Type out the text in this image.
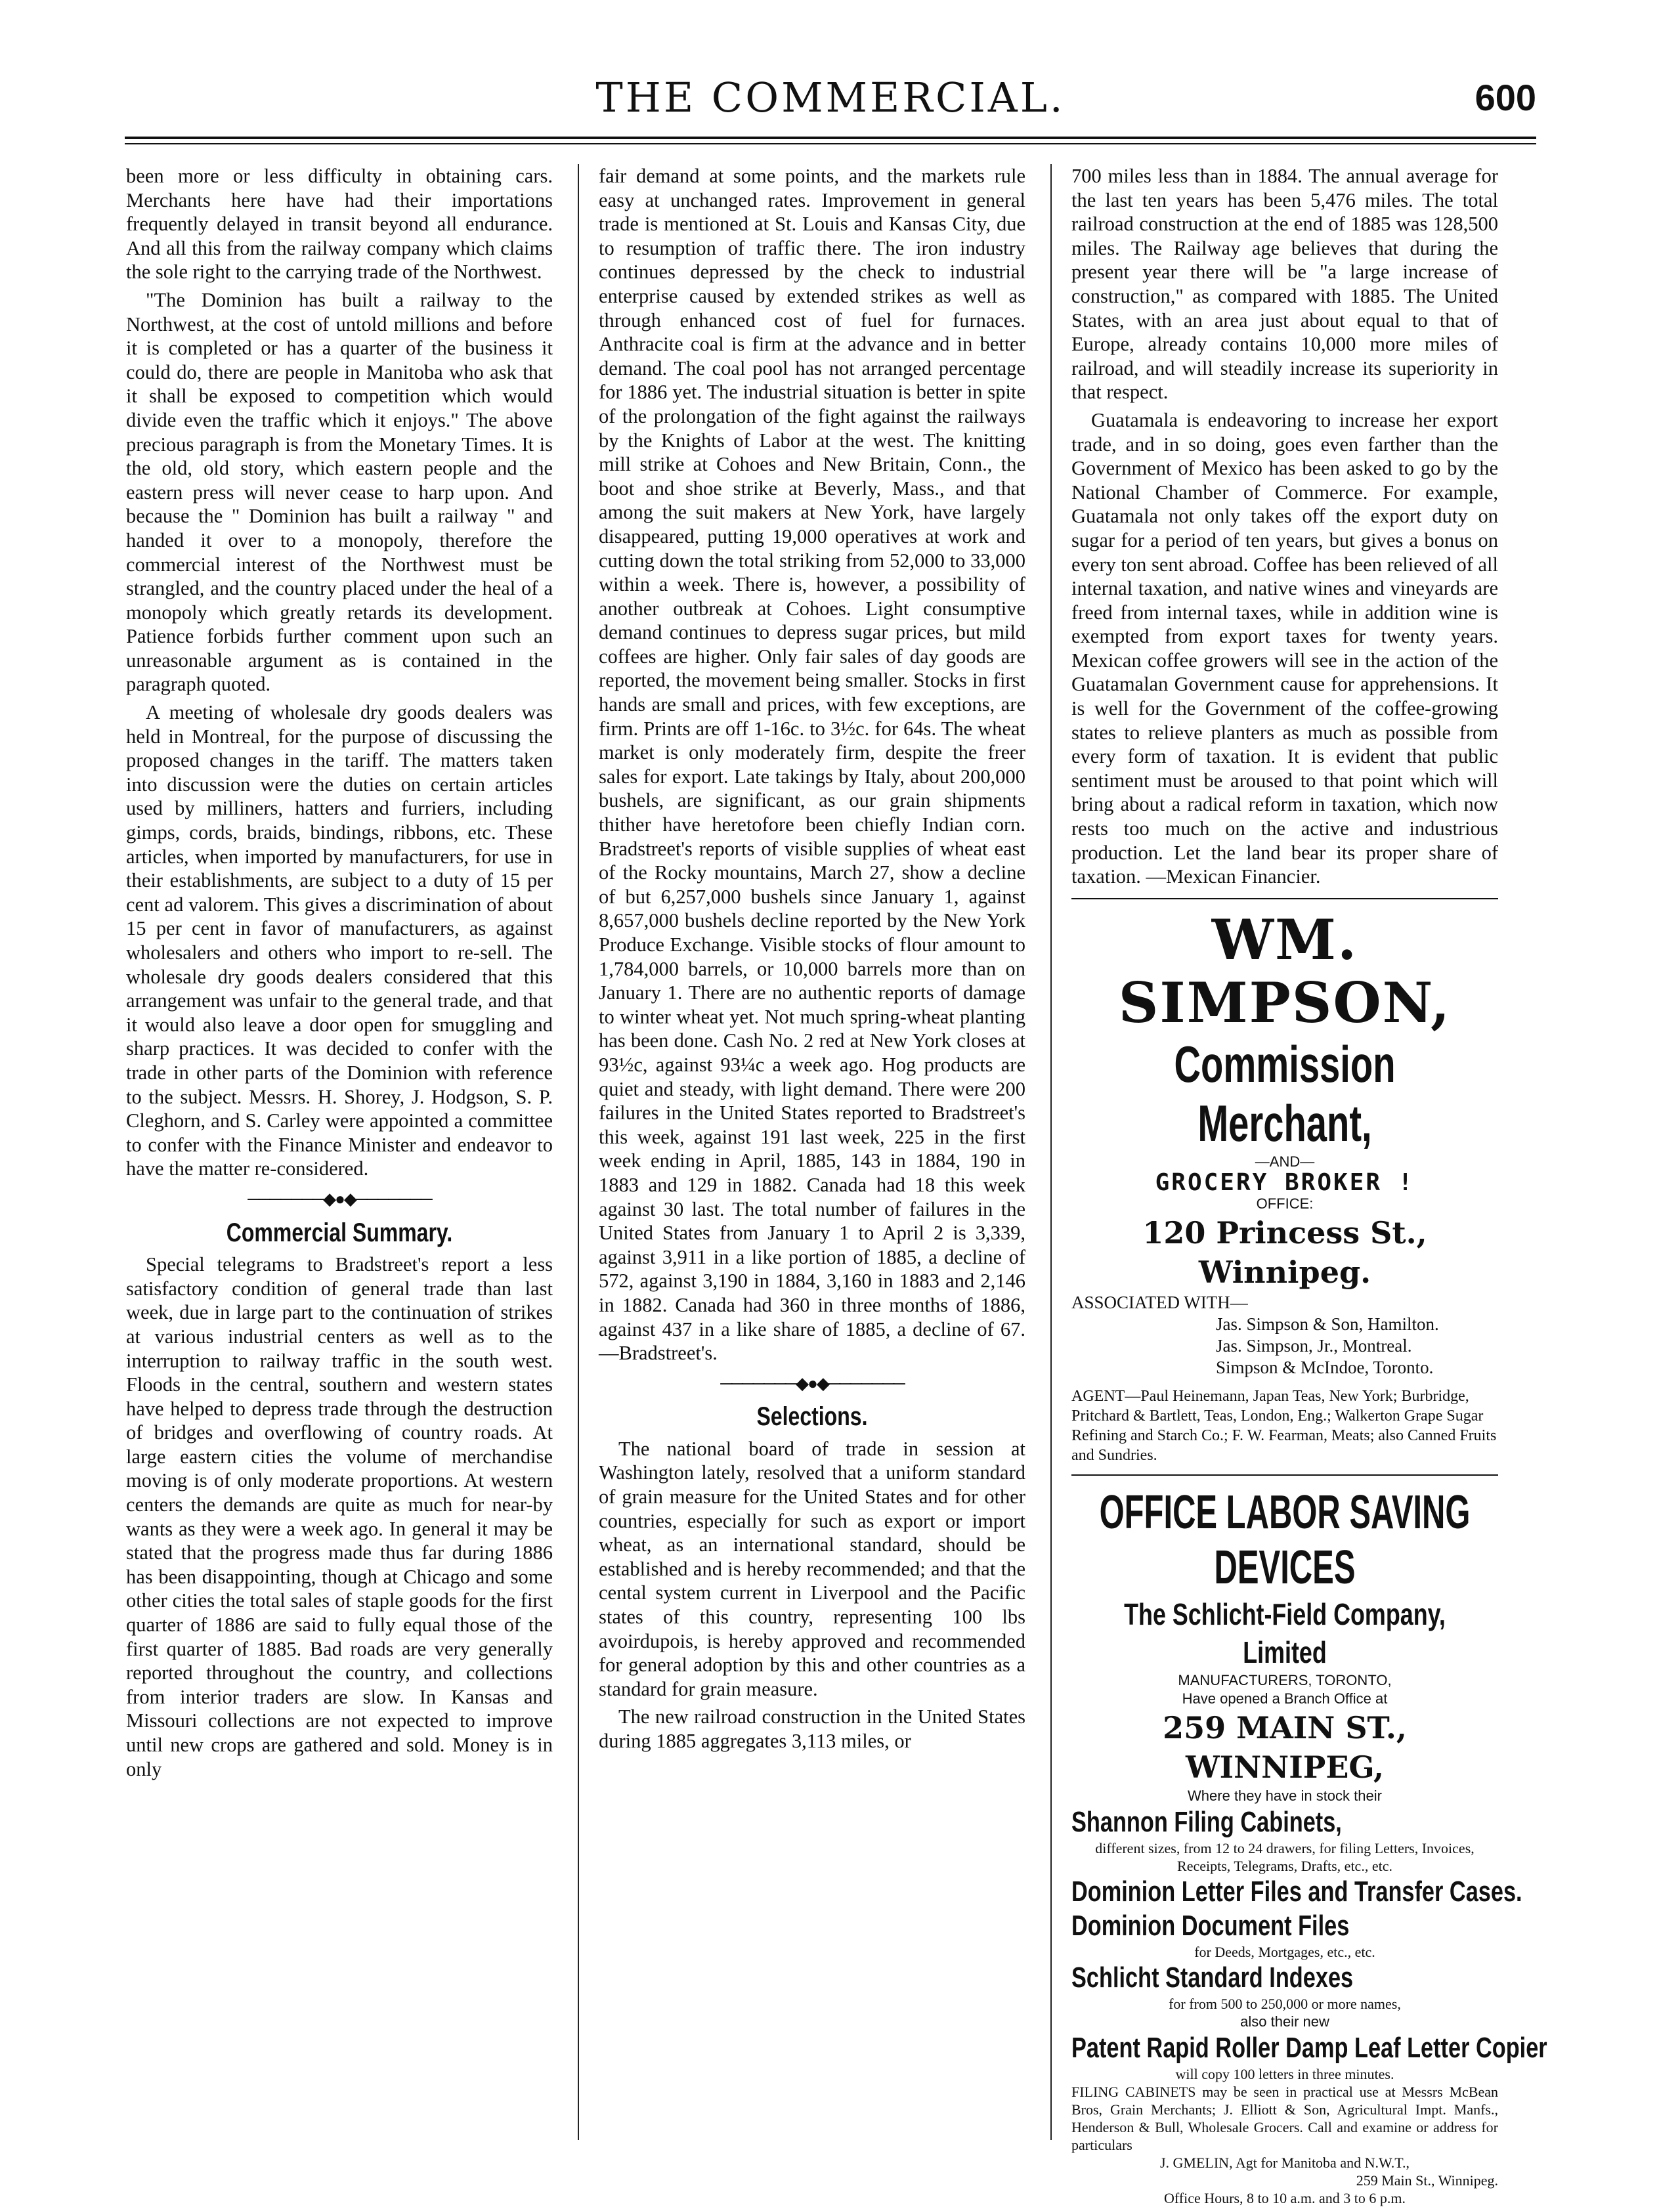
THE COMMERCIAL.	600

been more or less difficulty in obtaining cars. Merchants here have had their importations frequently delayed in transit beyond all endurance. And all this from the railway company which claims the sole right to the carrying trade of the Northwest.

"The Dominion has built a railway to the Northwest, at the cost of untold millions and before it is completed or has a quarter of the business it could do, there are people in Manitoba who ask that it shall be exposed to competition which would divide even the traffic which it enjoys." The above precious paragraph is from the Monetary Times. It is the old, old story, which eastern people and the eastern press will never cease to harp upon. And because the " Dominion has built a railway " and handed it over to a monopoly, therefore the commercial interest of the Northwest must be strangled, and the country placed under the heal of a monopoly which greatly retards its development. Patience forbids further comment upon such an unreasonable argument as is contained in the paragraph quoted.

A meeting of wholesale dry goods dealers was held in Montreal, for the purpose of discussing the proposed changes in the tariff. The matters taken into discussion were the duties on certain articles used by milliners, hatters and furriers, including gimps, cords, braids, bindings, ribbons, etc. These articles, when imported by manufacturers, for use in their establishments, are subject to a duty of 15 per cent ad valorem. This gives a discrimination of about 15 per cent in favor of manufacturers, as against wholesalers and others who import to re-sell. The wholesale dry goods dealers considered that this arrangement was unfair to the general trade, and that it would also leave a door open for smuggling and sharp practices. It was decided to confer with the trade in other parts of the Dominion with reference to the subject. Messrs. H. Shorey, J. Hodgson, S. P. Cleghorn, and S. Carley were appointed a committee to confer with the Finance Minister and endeavor to have the matter re-considered.

───────◆●◆───────
Commercial Summary.

Special telegrams to Bradstreet's report a less satisfactory condition of general trade than last week, due in large part to the continuation of strikes at various industrial centers as well as to the interruption to railway traffic in the south west. Floods in the central, southern and western states have helped to depress trade through the destruction of bridges and overflowing of country roads. At large eastern cities the volume of merchandise moving is of only moderate proportions. At western centers the demands are quite as much for near-by wants as they were a week ago. In general it may be stated that the progress made thus far during 1886 has been disappointing, though at Chicago and some other cities the total sales of staple goods for the first quarter of 1886 are said to fully equal those of the first quarter of 1885. Bad roads are very generally reported throughout the country, and collections from interior traders are slow. In Kansas and Missouri collections are not expected to improve until new crops are gathered and sold. Money is in only

fair demand at some points, and the markets rule easy at unchanged rates. Improvement in general trade is mentioned at St. Louis and Kansas City, due to resumption of traffic there. The iron industry continues depressed by the check to industrial enterprise caused by extended strikes as well as through enhanced cost of fuel for furnaces. Anthracite coal is firm at the advance and in better demand. The coal pool has not arranged percentage for 1886 yet. The industrial situation is better in spite of the prolongation of the fight against the railways by the Knights of Labor at the west. The knitting mill strike at Cohoes and New Britain, Conn., the boot and shoe strike at Beverly, Mass., and that among the suit makers at New York, have largely disappeared, putting 19,000 operatives at work and cutting down the total striking from 52,000 to 33,000 within a week. There is, however, a possibility of another outbreak at Cohoes. Light consumptive demand continues to depress sugar prices, but mild coffees are higher. Only fair sales of day goods are reported, the movement being smaller. Stocks in first hands are small and prices, with few exceptions, are firm. Prints are off 1-16c. to 3½c. for 64s. The wheat market is only moderately firm, despite the freer sales for export. Late takings by Italy, about 200,000 bushels, are significant, as our grain shipments thither have heretofore been chiefly Indian corn. Bradstreet's reports of visible supplies of wheat east of the Rocky mountains, March 27, show a decline of but 6,257,000 bushels since January 1, against 8,657,000 bushels decline reported by the New York Produce Exchange. Visible stocks of flour amount to 1,784,000 barrels, or 10,000 barrels more than on January 1. There are no authentic reports of damage to winter wheat yet. Not much spring-wheat planting has been done. Cash No. 2 red at New York closes at 93½c, against 93¼c a week ago. Hog products are quiet and steady, with light demand. There were 200 failures in the United States reported to Bradstreet's this week, against 191 last week, 225 in the first week ending in April, 1885, 143 in 1884, 190 in 1883 and 129 in 1882. Canada had 18 this week against 30 last. The total number of failures in the United States from January 1 to April 2 is 3,339, against 3,911 in a like portion of 1885, a decline of 572, against 3,190 in 1884, 3,160 in 1883 and 2,146 in 1882. Canada had 360 in three months of 1886, against 437 in a like share of 1885, a decline of 67.—Bradstreet's.

───────◆●◆───────
Selections.

The national board of trade in session at Washington lately, resolved that a uniform standard of grain measure for the United States and for other countries, especially for such as export or import wheat, as an international standard, should be established and is hereby recommended; and that the cental system current in Liverpool and the Pacific states of this country, representing 100 lbs avoirdupois, is hereby approved and recommended for general adoption by this and other countries as a standard for grain measure.

The new railroad construction in the United States during 1885 aggregates 3,113 miles, or

700 miles less than in 1884. The annual average for the last ten years has been 5,476 miles. The total railroad construction at the end of 1885 was 128,500 miles. The Railway age believes that during the present year there will be "a large increase of construction," as compared with 1885. The United States, with an area just about equal to that of Europe, already contains 10,000 more miles of railroad, and will steadily increase its superiority in that respect.

Guatamala is endeavoring to increase her export trade, and in so doing, goes even farther than the Government of Mexico has been asked to go by the National Chamber of Commerce. For example, Guatamala not only takes off the export duty on sugar for a period of ten years, but gives a bonus on every ton sent abroad. Coffee has been relieved of all internal taxation, and native wines and vineyards are freed from internal taxes, while in addition wine is exempted from export taxes for twenty years. Mexican coffee growers will see in the action of the Guatamalan Government cause for apprehensions. It is well for the Government of the coffee-growing states to relieve planters as much as possible from every form of taxation. It is evident that public sentiment must be aroused to that point which will bring about a radical reform in taxation, which now rests too much on the active and industrious production. Let the land bear its proper share of taxation. —Mexican Financier.

WM. SIMPSON,
Commission Merchant,
—AND—
GROCERY BROKER !
OFFICE:
120 Princess St., Winnipeg.
ASSOCIATED WITH—
Jas. Simpson & Son, Hamilton.
Jas. Simpson, Jr., Montreal.
Simpson & McIndoe, Toronto.
AGENT—Paul Heinemann, Japan Teas, New York; Burbridge, Pritchard & Bartlett, Teas, London, Eng.; Walkerton Grape Sugar Refining and Starch Co.; F. W. Fearman, Meats; also Canned Fruits and Sundries.
OFFICE LABOR SAVING DEVICES
The Schlicht-Field Company, Limited
MANUFACTURERS, TORONTO,
Have opened a Branch Office at
259 MAIN ST., WINNIPEG,
Where they have in stock their
Shannon Filing Cabinets,
different sizes, from 12 to 24 drawers, for filing Letters, Invoices, Receipts, Telegrams, Drafts, etc., etc.
Dominion Letter Files and Transfer Cases.
Dominion Document Files
for Deeds, Mortgages, etc., etc.
Schlicht Standard Indexes
for from 500 to 250,000 or more names,
also their new
Patent Rapid Roller Damp Leaf Letter Copier
will copy 100 letters in three minutes.
FILING CABINETS may be seen in practical use at Messrs McBean Bros, Grain Merchants; J. Elliott & Son, Agricultural Impt. Manfs., Henderson & Bull, Wholesale Grocers. Call and examine or address for particulars
J. GMELIN, Agt for Manitoba and N.W.T.,
259 Main St., Winnipeg.
Office Hours, 8 to 10 a.m. and 3 to 6 p.m.
